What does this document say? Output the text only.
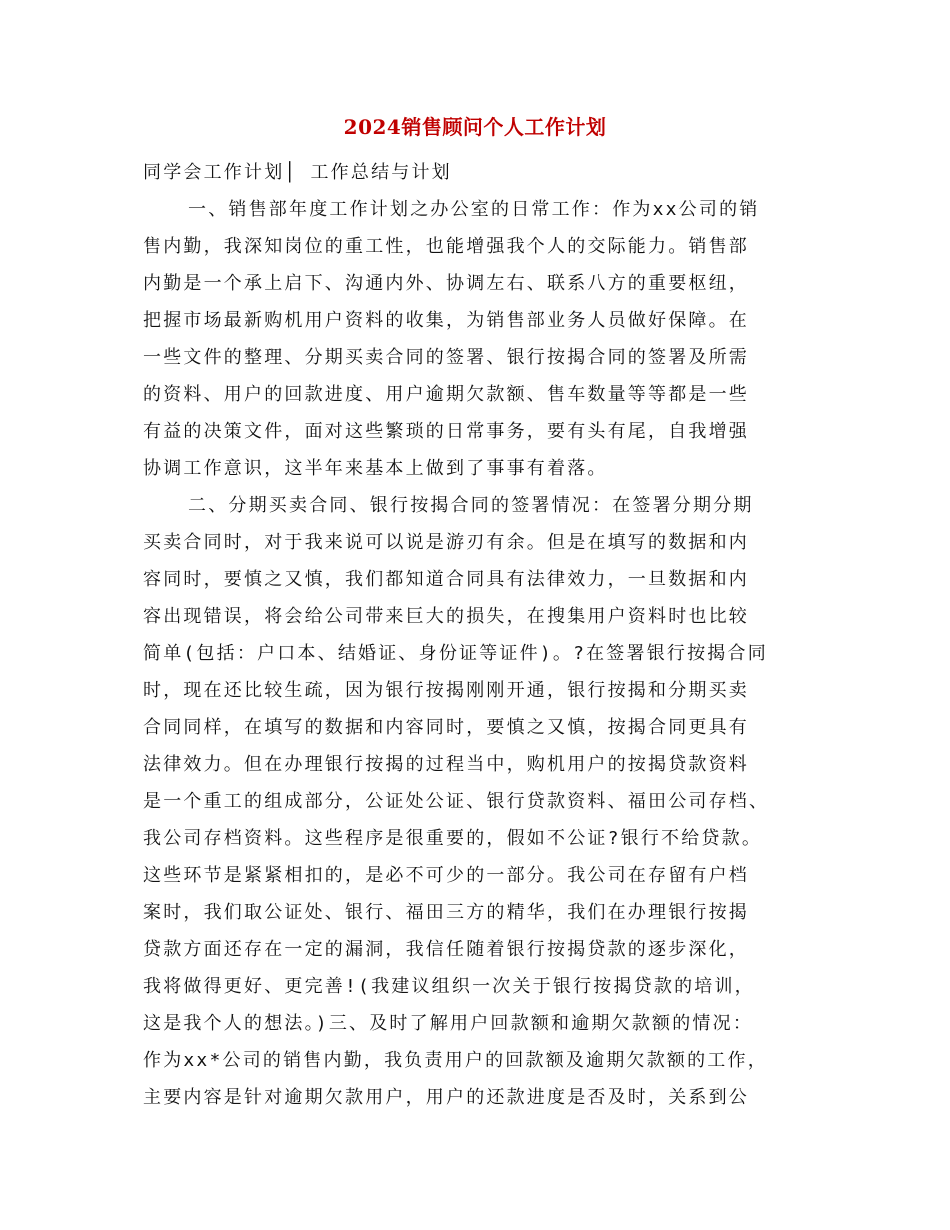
2024销售顾问个人工作计划
同学会工作计划│ 工作总结与计划
一、销售部年度工作计划之办公室的日常工作：作为xx公司的销
售内勤，我深知岗位的重工性，也能增强我个人的交际能力。销售部
内勤是一个承上启下、沟通内外、协调左右、联系八方的重要枢纽，
把握市场最新购机用户资料的收集，为销售部业务人员做好保障。在
一些文件的整理、分期买卖合同的签署、银行按揭合同的签署及所需
的资料、用户的回款进度、用户逾期欠款额、售车数量等等都是一些
有益的决策文件，面对这些繁琐的日常事务，要有头有尾，自我增强
协调工作意识，这半年来基本上做到了事事有着落。
二、分期买卖合同、银行按揭合同的签署情况：在签署分期分期
买卖合同时，对于我来说可以说是游刃有余。但是在填写的数据和内
容同时，要慎之又慎，我们都知道合同具有法律效力，一旦数据和内
容出现错误，将会给公司带来巨大的损失，在搜集用户资料时也比较
简单(包括：户口本、结婚证、身份证等证件)。?在签署银行按揭合同
时，现在还比较生疏，因为银行按揭刚刚开通，银行按揭和分期买卖
合同同样，在填写的数据和内容同时，要慎之又慎，按揭合同更具有
法律效力。但在办理银行按揭的过程当中，购机用户的按揭贷款资料
是一个重工的组成部分，公证处公证、银行贷款资料、福田公司存档、
我公司存档资料。这些程序是很重要的，假如不公证?银行不给贷款。
这些环节是紧紧相扣的，是必不可少的一部分。我公司在存留有户档
案时，我们取公证处、银行、福田三方的精华，我们在办理银行按揭
贷款方面还存在一定的漏洞，我信任随着银行按揭贷款的逐步深化，
我将做得更好、更完善!(我建议组织一次关于银行按揭贷款的培训，
这是我个人的想法。)三、及时了解用户回款额和逾期欠款额的情况：
作为xx*公司的销售内勤，我负责用户的回款额及逾期欠款额的工作，
主要内容是针对逾期欠款用户，用户的还款进度是否及时，关系到公
